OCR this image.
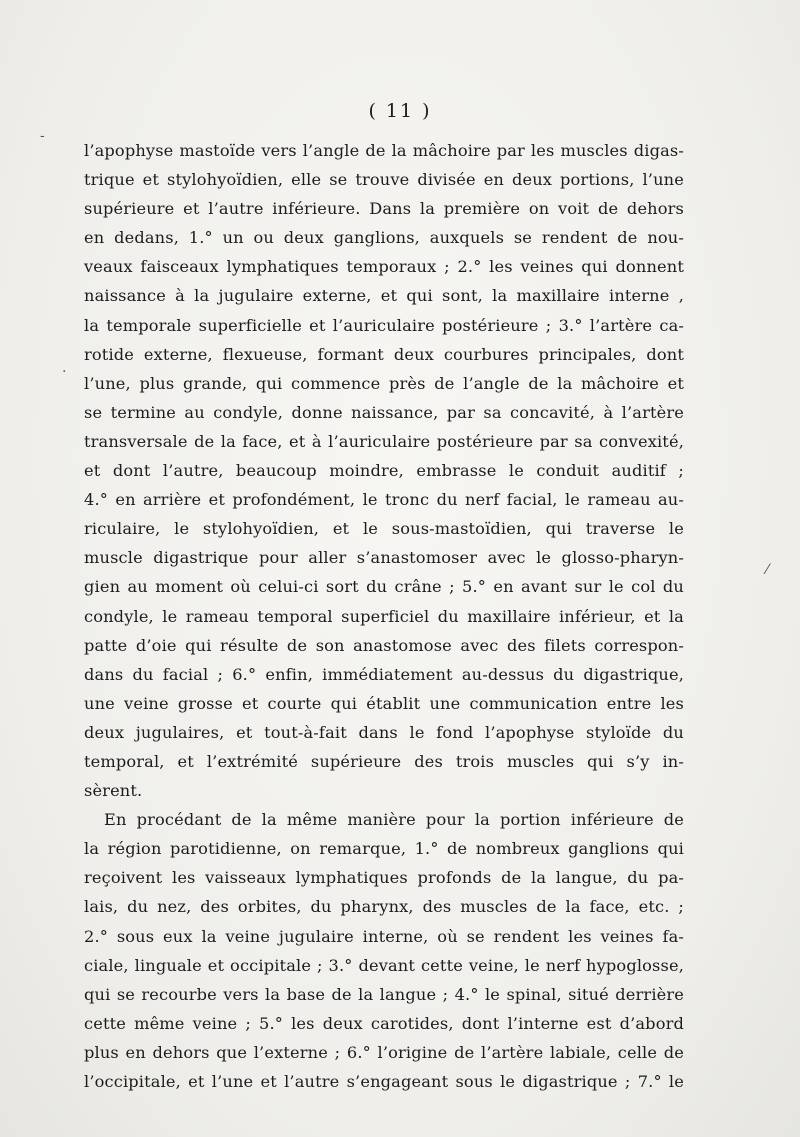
( 11 )
‑
.
⁄
l’apophyse mastoïde vers l’angle de la mâchoire par les muscles digas-
trique et stylohyoïdien, elle se trouve divisée en deux portions, l’une
supérieure et l’autre inférieure. Dans la première on voit de dehors
en dedans, 1.° un ou deux ganglions, auxquels se rendent de nou-
veaux faisceaux lymphatiques temporaux ; 2.° les veines qui donnent
naissance à la jugulaire externe, et qui sont, la maxillaire interne ,
la temporale superficielle et l’auriculaire postérieure ; 3.° l’artère ca-
rotide externe, flexueuse, formant deux courbures principales, dont
l’une, plus grande, qui commence près de l’angle de la mâchoire et
se termine au condyle, donne naissance, par sa concavité, à l’artère
transversale de la face, et à l’auriculaire postérieure par sa convexité,
et dont l’autre, beaucoup moindre, embrasse le conduit auditif ;
4.° en arrière et profondément, le tronc du nerf facial, le rameau au-
riculaire, le stylohyoïdien, et le sous-mastoïdien, qui traverse le
muscle digastrique pour aller s’anastomoser avec le glosso-pharyn-
gien au moment où celui-ci sort du crâne ; 5.° en avant sur le col du
condyle, le rameau temporal superficiel du maxillaire inférieur, et la
patte d’oie qui résulte de son anastomose avec des filets correspon-
dans du facial ; 6.° enfin, immédiatement au-dessus du digastrique,
une veine grosse et courte qui établit une communication entre les
deux jugulaires, et tout-à-fait dans le fond l’apophyse styloïde du
temporal, et l’extrémité supérieure des trois muscles qui s’y in-
sèrent.
En procédant de la même manière pour la portion inférieure de
la région parotidienne, on remarque, 1.° de nombreux ganglions qui
reçoivent les vaisseaux lymphatiques profonds de la langue, du pa-
lais, du nez, des orbites, du pharynx, des muscles de la face, etc. ;
2.° sous eux la veine jugulaire interne, où se rendent les veines fa-
ciale, linguale et occipitale ; 3.° devant cette veine, le nerf hypoglosse,
qui se recourbe vers la base de la langue ; 4.° le spinal, situé derrière
cette même veine ; 5.° les deux carotides, dont l’interne est d’abord
plus en dehors que l’externe ; 6.° l’origine de l’artère labiale, celle de
l’occipitale, et l’une et l’autre s’engageant sous le digastrique ; 7.° le
